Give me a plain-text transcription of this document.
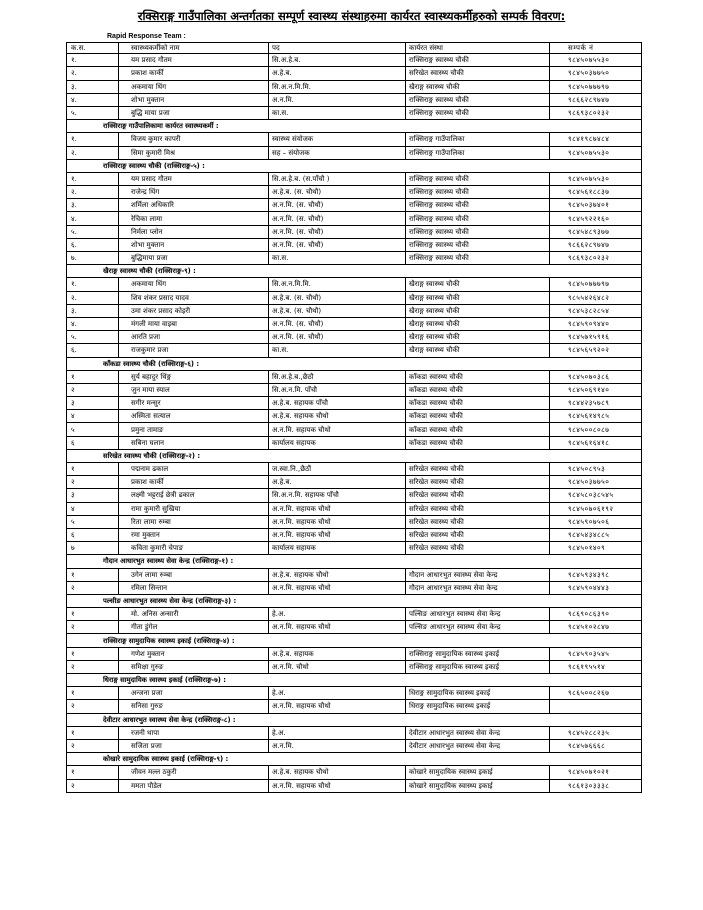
रक्सिराङ्ग गाउँपालिका अन्तर्गतका सम्पूर्ण स्वास्थ्य संस्थाहरुमा कार्यरत स्वास्थ्यकर्मीहरुको सम्पर्क विवरण:
Rapid Response Team :
क.स.	स्वास्थ्यकर्मीको नाम	पद	कार्यरत संस्था	सम्पर्क नं
१.	यम प्रसाद गौतम	सि.अ.हे.ब.	राक्सिराङ्ग स्वास्थ्य चौकी	९८४५०७५५३०
२.	प्रकाश कार्की	अ.हे.ब.	सरिखेत स्वास्थ्य चौकी	९८४५०३७७५०
३.	अकमाया थिंग	सि.अ.न.मि.मि.	खैराङ्ग स्वास्थ्य चौकी	९८४५०७७७९७
४.	शोभा मुक्तान	अ.न.मि.	राक्सिराङ्ग स्वास्थ्य चौकी	९८६६२८९७४७
५.	बुद्धि माया प्रजा	का.स.	राक्सिराङ्ग स्वास्थ्य चौकी	९८६९३८०२३२
राक्सिराङ्ग गाउँपालिकामा कार्यरत स्वास्थ्यकर्मी :				
१.	विजय कुमार कापरी	स्वास्थ्य संयोजक	राक्सिराङ्ग गाउँपालिका	९८४१९८७४८४
२.	सिमा कुमारी मिश्र	सह – संयोजक	राक्सिराङ्ग गाउँपालिका	९८४५०७५५३०
राक्सिराङ्ग स्वास्थ्य चौकी (राक्सिराङ्ग-५) :				
१.	यम प्रसाद गौतम	सि.अ.हे.ब. (स.पाँचौ )	राक्सिराङ्ग स्वास्थ्य चौकी	९८४५०७५५३०
२.	राजेन्द्र थिंग	अ.हे.ब. (स. चौथौ)	राक्सिराङ्ग स्वास्थ्य चौकी	९८४५६१८८३७
३.	शर्मिला अधिकारि	अ.न.मि. (स. चौथौ)	राक्सिराङ्ग स्वास्थ्य चौकी	९८४५०३७४०१
४.	रेचिका लामा	अ.न.मि. (स. चौथौ)	राक्सिराङ्ग स्वास्थ्य चौकी	९८४५९२२१६०
५.	निर्मला प्लोन	अ.न.मि. (स. चौथौ)	राक्सिराङ्ग स्वास्थ्य चौकी	९८४५४८९३७७
६.	शोभा मुक्तान	अ.न.मि. (स. चौथौ)	राक्सिराङ्ग स्वास्थ्य चौकी	९८६६२८९७४७
७.	बुद्धिमाया प्रजा	का.स.	राक्सिराङ्ग स्वास्थ्य चौकी	९८६९३८०२३२
खैराङ्ग स्वास्थ्य चौकी (राक्सिराङ्ग-९) :				
१.	अकमाया थिंग	सि.अ.न.मि.मि.	खैराङ्ग स्वास्थ्य चौकी	९८४५०७७७९७
२.	शिव शंकर प्रसाद यादव	अ.हे.ब. (स. चौथौ)	खैराङ्ग स्वास्थ्य चौकी	९८५५४२६४८२
३.	उमा शंकर प्रसाद कोइरी	अ.हे.ब. (स. चौथौ)	खैराङ्ग स्वास्थ्य चौकी	९८४५३८२८५४
४.	मंगली माया वाइबा	अ.न.मि. (स. चौथौ)	खैराङ्ग स्वास्थ्य चौकी	९८४५९०९४४०
५.	आरति प्रजा	अ.न.मि. (स. चौथौ)	खैराङ्ग स्वास्थ्य चौकी	९८४५७१५९१६
६.	राजकुमार प्रजा	का.स.	खैराङ्ग स्वास्थ्य चौकी	९८४५६५९२०२
काँकडा स्वास्थ्य चौकी (राक्सिराङ्ग-६) :				
१	सुर्य बहादुर थिंङ्ग	सि.अ.हे.ब.,छैठौ	काँकडा स्वास्थ्य चौकी	९८४५०७०३८६
२	जुन माया स्याल	सि.अ.न.मि. पाँचौ	काँकडा स्वास्थ्य चौकी	९८४५०६९१४०
३	सगीर मन्सुर	अ.हे.ब. सहायक पाँचौ	काँकडा स्वास्थ्य चौकी	९८४४२३५७८९
४	अस्मिता सत्याल	अ.हे.ब. सहायक चौथो	काँकडा स्वास्थ्य चौकी	९८४५६१४९८५
५	प्रमुना तामाङ	अ.न.मि. सहायक चौथो	काँकडा स्वास्थ्य चौकी	९८४५००८०८७
६	सबिना घलान	कार्यालय सहायक	काँकडा स्वास्थ्य चौकी	९८४५६१६४१८
सरिखेत स्वास्थ्य चौकी (राक्सिराङ्ग-२) :				
१	पद्मनाम ढकाल	ज.स्वा.नि.,छैठौं	सरिखेत स्वास्थ्य चौकी	९८४५०८९५३
२	प्रकाश कार्की	अ.हे.ब.	सरिखेत स्वास्थ्य चौकी	९८४५०३७७५०
३	लक्ष्मी भट्टराई छेत्री ढकाल	सि.अ.न.मि. सहायक पाँचौ	सरिखेत स्वास्थ्य चौकी	९८४५८०३८५४५
४	रामा कुमारी सुखिया	अ.न.मि. सहायक चौथो	सरिखेत स्वास्थ्य चौकी	९८४५०७०६१९२
५	रिता लामा रुम्बा	अ.न.मि. सहायक चौथो	सरिखेत स्वास्थ्य चौकी	९८४५९०७५०६
६	रमा मुक्तान	अ.न.मि. सहायक चौथो	सरिखेत स्वास्थ्य चौकी	९८४५४३४८८५
७	कविता कुमारी चेपाङ	कार्यालय सहायक	सरिखेत स्वास्थ्य चौकी	९८४५०१४०९
गौदान आधारभुत स्वास्थ्य सेवा केन्द्र (राक्सिराङ्ग-१) :				
१	उगेन लामा रुम्बा	अ.हे.ब. सहायक चौथो	गौदान आधारभुत स्वास्थ्य सेवा केन्द्र	९८४५९३४३९८
२	रमिला सिन्तान	अ.न.मि. सहायक चौथो	गौदान आधारभुत स्वास्थ्य सेवा केन्द्र	९८४५९०४४४३
पल्सीङ आधारभुत स्वास्थ्य सेवा केन्द्र (राक्सिराङ्ग-३) :				
१	मो. अनिस अन्सारी	हे.अ.	पल्सिङ आधारभुत स्वास्थ्य सेवा केन्द्र	९८६९०८६३९०
२	गीता डुंगेल	अ.न.मि. सहायक चौथो	पल्सिङ आधारभुत स्वास्थ्य सेवा केन्द्र	९८४५१०२८४७
राक्सिराङ्ग सामुदायिक स्वास्थ्य इकाई (राक्सिराङ्ग-४) :				
१	गणेश मुक्तान	अ.हे.ब. सहायक	राक्सिराङ्ग सामुदायिक स्वास्थ्य इकाई	९८४५९०३५४५
२	समिक्षा गुरुङ	अ.न.मि. चौथो	राक्सिराङ्ग सामुदायिक स्वास्थ्य इकाई	९८६१९५५१४
धिराङ्ग सामुदायिक स्वास्थ्य इकाई (राक्सिराङ्ग-७) :				
१	अन्जना प्रजा	हे.अ.	धिराङ्ग सामुदायिक स्वास्थ्य इकाई	९८६५००८२६७
२	सनिसा गुरुङ	अ.न.मि. सहायक चौथो	धिराङ्ग सामुदायिक स्वास्थ्य इकाई	
देवीटार आधारभुत स्वास्थ्य सेवा केन्द्र (राक्सिराङ्ग-८) :				
१	रजनी थापा	हे.अ.	देवीटार आधारभुत स्वास्थ्य सेवा केन्द्र	९८४५२८८२३५
२	सजिता प्रजा	अ.न.मि.	देवीटार आधारभुत स्वास्थ्य सेवा केन्द्र	९८४५७६६६८
कोखारे सामुदायिक स्वास्थ्य इकाई (राक्सिराङ्ग-९) :				
१	जीवन मल्ल ठकुरी	अ.हे.ब. सहायक चौथो	कोखारे सामुदायिक स्वास्थ्य इकाई	९८४५०७१०२१
२	ममता पौडेल	अ.न.मि. सहायक चौथो	कोखारे सामुदायिक स्वास्थ्य इकाई	९८६१३०३३३८
